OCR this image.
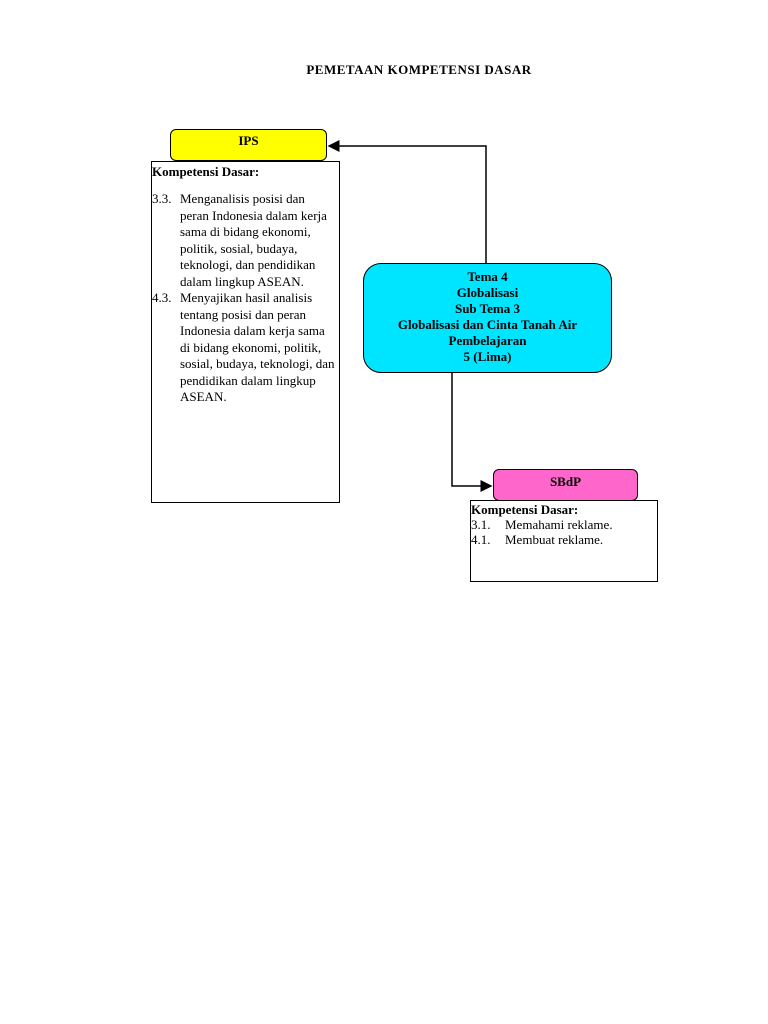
PEMETAAN KOMPETENSI DASAR
IPS
Kompetensi Dasar:
3.3. Menganalisis posisi dan peran Indonesia dalam kerja sama di bidang ekonomi, politik, sosial, budaya, teknologi, dan pendidikan dalam lingkup ASEAN.
4.3. Menyajikan hasil analisis tentang posisi dan peran Indonesia dalam kerja sama di bidang ekonomi, politik, sosial, budaya, teknologi, dan pendidikan dalam lingkup ASEAN.
Tema 4
Globalisasi
Sub Tema 3
Globalisasi dan Cinta Tanah Air
Pembelajaran
5 (Lima)
SBdP
Kompetensi Dasar:
3.1.	Memahami reklame.
4.1.	Membuat reklame.
